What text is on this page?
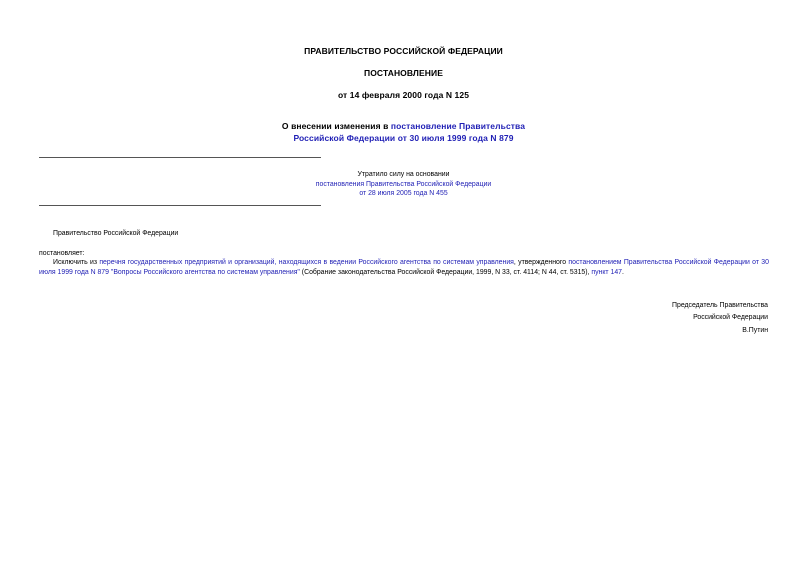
ПРАВИТЕЛЬСТВО РОССИЙСКОЙ ФЕДЕРАЦИИ
ПОСТАНОВЛЕНИЕ
от 14 февраля 2000 года N 125
О внесении изменения в постановление Правительства
Российской Федерации от 30 июля 1999 года N 879
Утратило силу на основании
постановления Правительства Российской Федерации
от 28 июля 2005 года N 455
Правительство Российской Федерации
постановляет:
Исключить из перечня государственных предприятий и организаций, находящихся в ведении Российского агентства по системам управления, утвержденного постановлением Правительства Российской Федерации от 30 июля 1999 года N 879 "Вопросы Российского агентства по системам управления" (Собрание законодательства Российской Федерации, 1999, N 33, ст. 4114; N 44, ст. 5315), пункт 147.
Председатель Правительства
Российской Федерации
В.Путин
